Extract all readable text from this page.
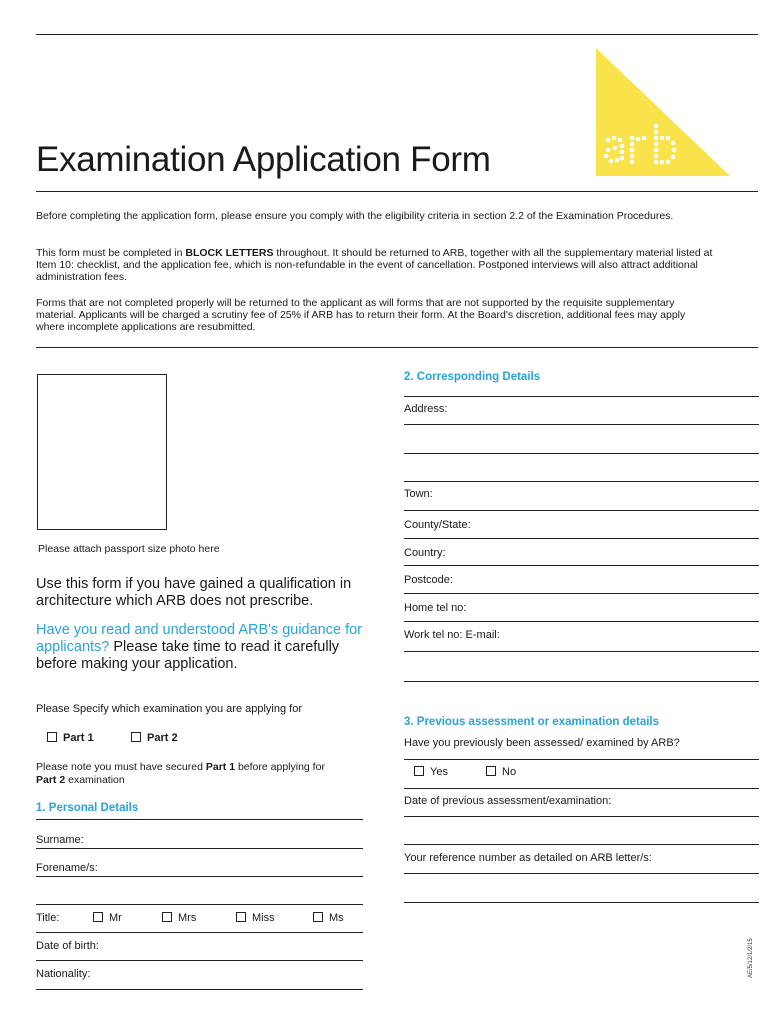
Examination Application Form
Before completing the application form, please ensure you comply with the eligibility criteria in section 2.2 of the Examination Procedures.
This form must be completed in BLOCK LETTERS throughout. It should be returned to ARB, together with all the supplementary material listed at Item 10: checklist, and the application fee, which is non-refundable in the event of cancellation. Postponed interviews will also attract additional administration fees.
Forms that are not completed properly will be returned to the applicant as will forms that are not supported by the requisite supplementary material. Applicants will be charged a scrutiny fee of 25% if ARB has to return their form. At the Board's discretion, additional fees may apply where incomplete applications are resubmitted.
Please attach passport size photo here
Use this form if you have gained a qualification in architecture which ARB does not prescribe.
Have you read and understood ARB's guidance for applicants? Please take time to read it carefully before making your application.
Please Specify which examination you are applying for
Part 1	Part 2
Please note you must have secured Part 1 before applying for Part 2 examination
1. Personal Details
Surname:
Forename/s:
Title:	Mr	Mrs	Miss	Ms
Date of birth:
Nationality:
2. Corresponding Details
Address:
Town:
County/State:
Country:
Postcode:
Home tel no:
Work tel no: E-mail:
3. Previous assessment or examination details
Have you previously been assessed/ examined by ARB?
Yes	No
Date of previous assessment/examination:
Your reference number as detailed on ARB letter/s:
AE/5/12/1/2/15
